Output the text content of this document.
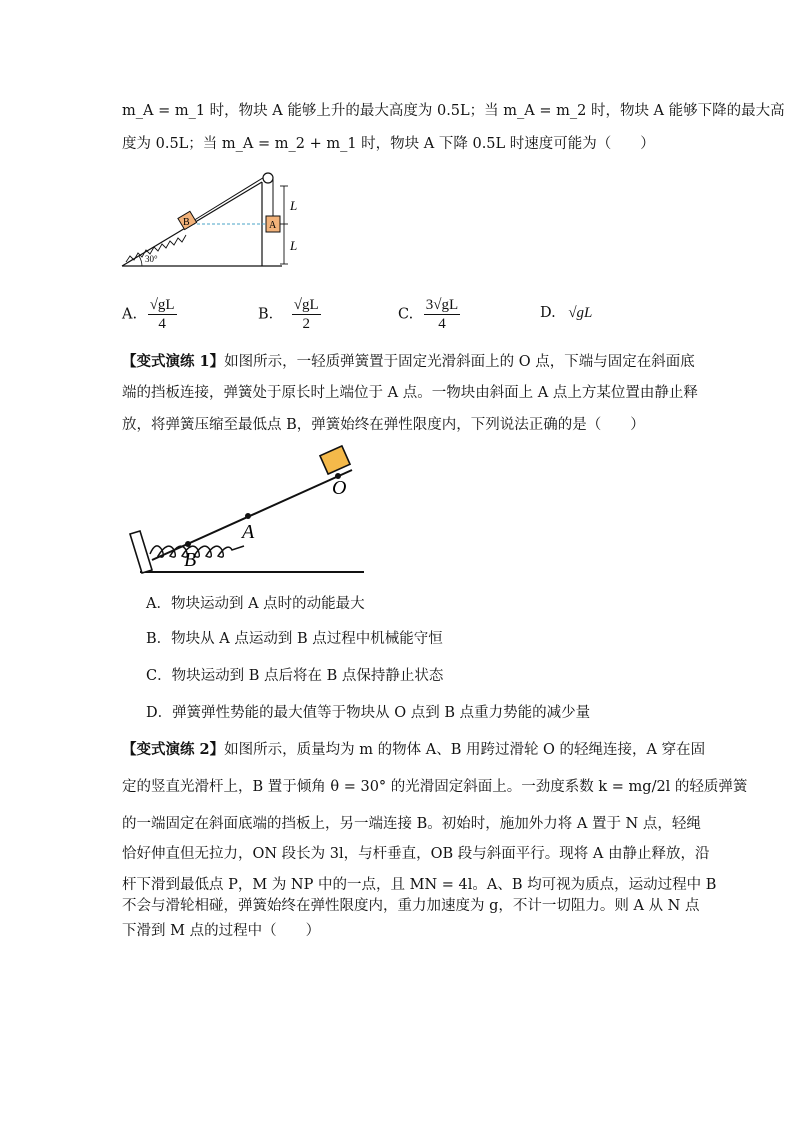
m_A = m_1 时，物块 A 能够上升的最大高度为 0.5L；当 m_A = m_2 时，物块 A 能够下降的最大高
度为 0.5L；当 m_A = m_2 + m_1 时，物块 A 下降 0.5L 时速度可能为（　　）
B	A
L
L
30°
A. $\frac{√gL}{4}$	B． $\frac{√gL}{2}$	C. $\frac{3√gL}{4}$	D. √gL
【变式演练 1】如图所示，一轻质弹簧置于固定光滑斜面上的 O 点，下端与固定在斜面底
端的挡板连接，弹簧处于原长时上端位于 A 点。一物块由斜面上 A 点上方某位置由静止释
放，将弹簧压缩至最低点 B，弹簧始终在弹性限度内，下列说法正确的是（　　）
O
A
B
A．物块运动到 A 点时的动能最大
B．物块从 A 点运动到 B 点过程中机械能守恒
C．物块运动到 B 点后将在 B 点保持静止状态
D．弹簧弹性势能的最大值等于物块从 O 点到 B 点重力势能的减少量
【变式演练 2】如图所示，质量均为 m 的物体 A、B 用跨过滑轮 O 的轻绳连接，A 穿在固
定的竖直光滑杆上，B 置于倾角 θ = 30° 的光滑固定斜面上。一劲度系数 k = mg/2l 的轻质弹簧
的一端固定在斜面底端的挡板上，另一端连接 B。初始时，施加外力将 A 置于 N 点，轻绳
恰好伸直但无拉力，ON 段长为 3l，与杆垂直，OB 段与斜面平行。现将 A 由静止释放，沿
杆下滑到最低点 P，M 为 NP 中的一点，且 MN = 4l。A、B 均可视为质点，运动过程中 B
不会与滑轮相碰，弹簧始终在弹性限度内，重力加速度为 g，不计一切阻力。则 A 从 N 点
下滑到 M 点的过程中（　　）
